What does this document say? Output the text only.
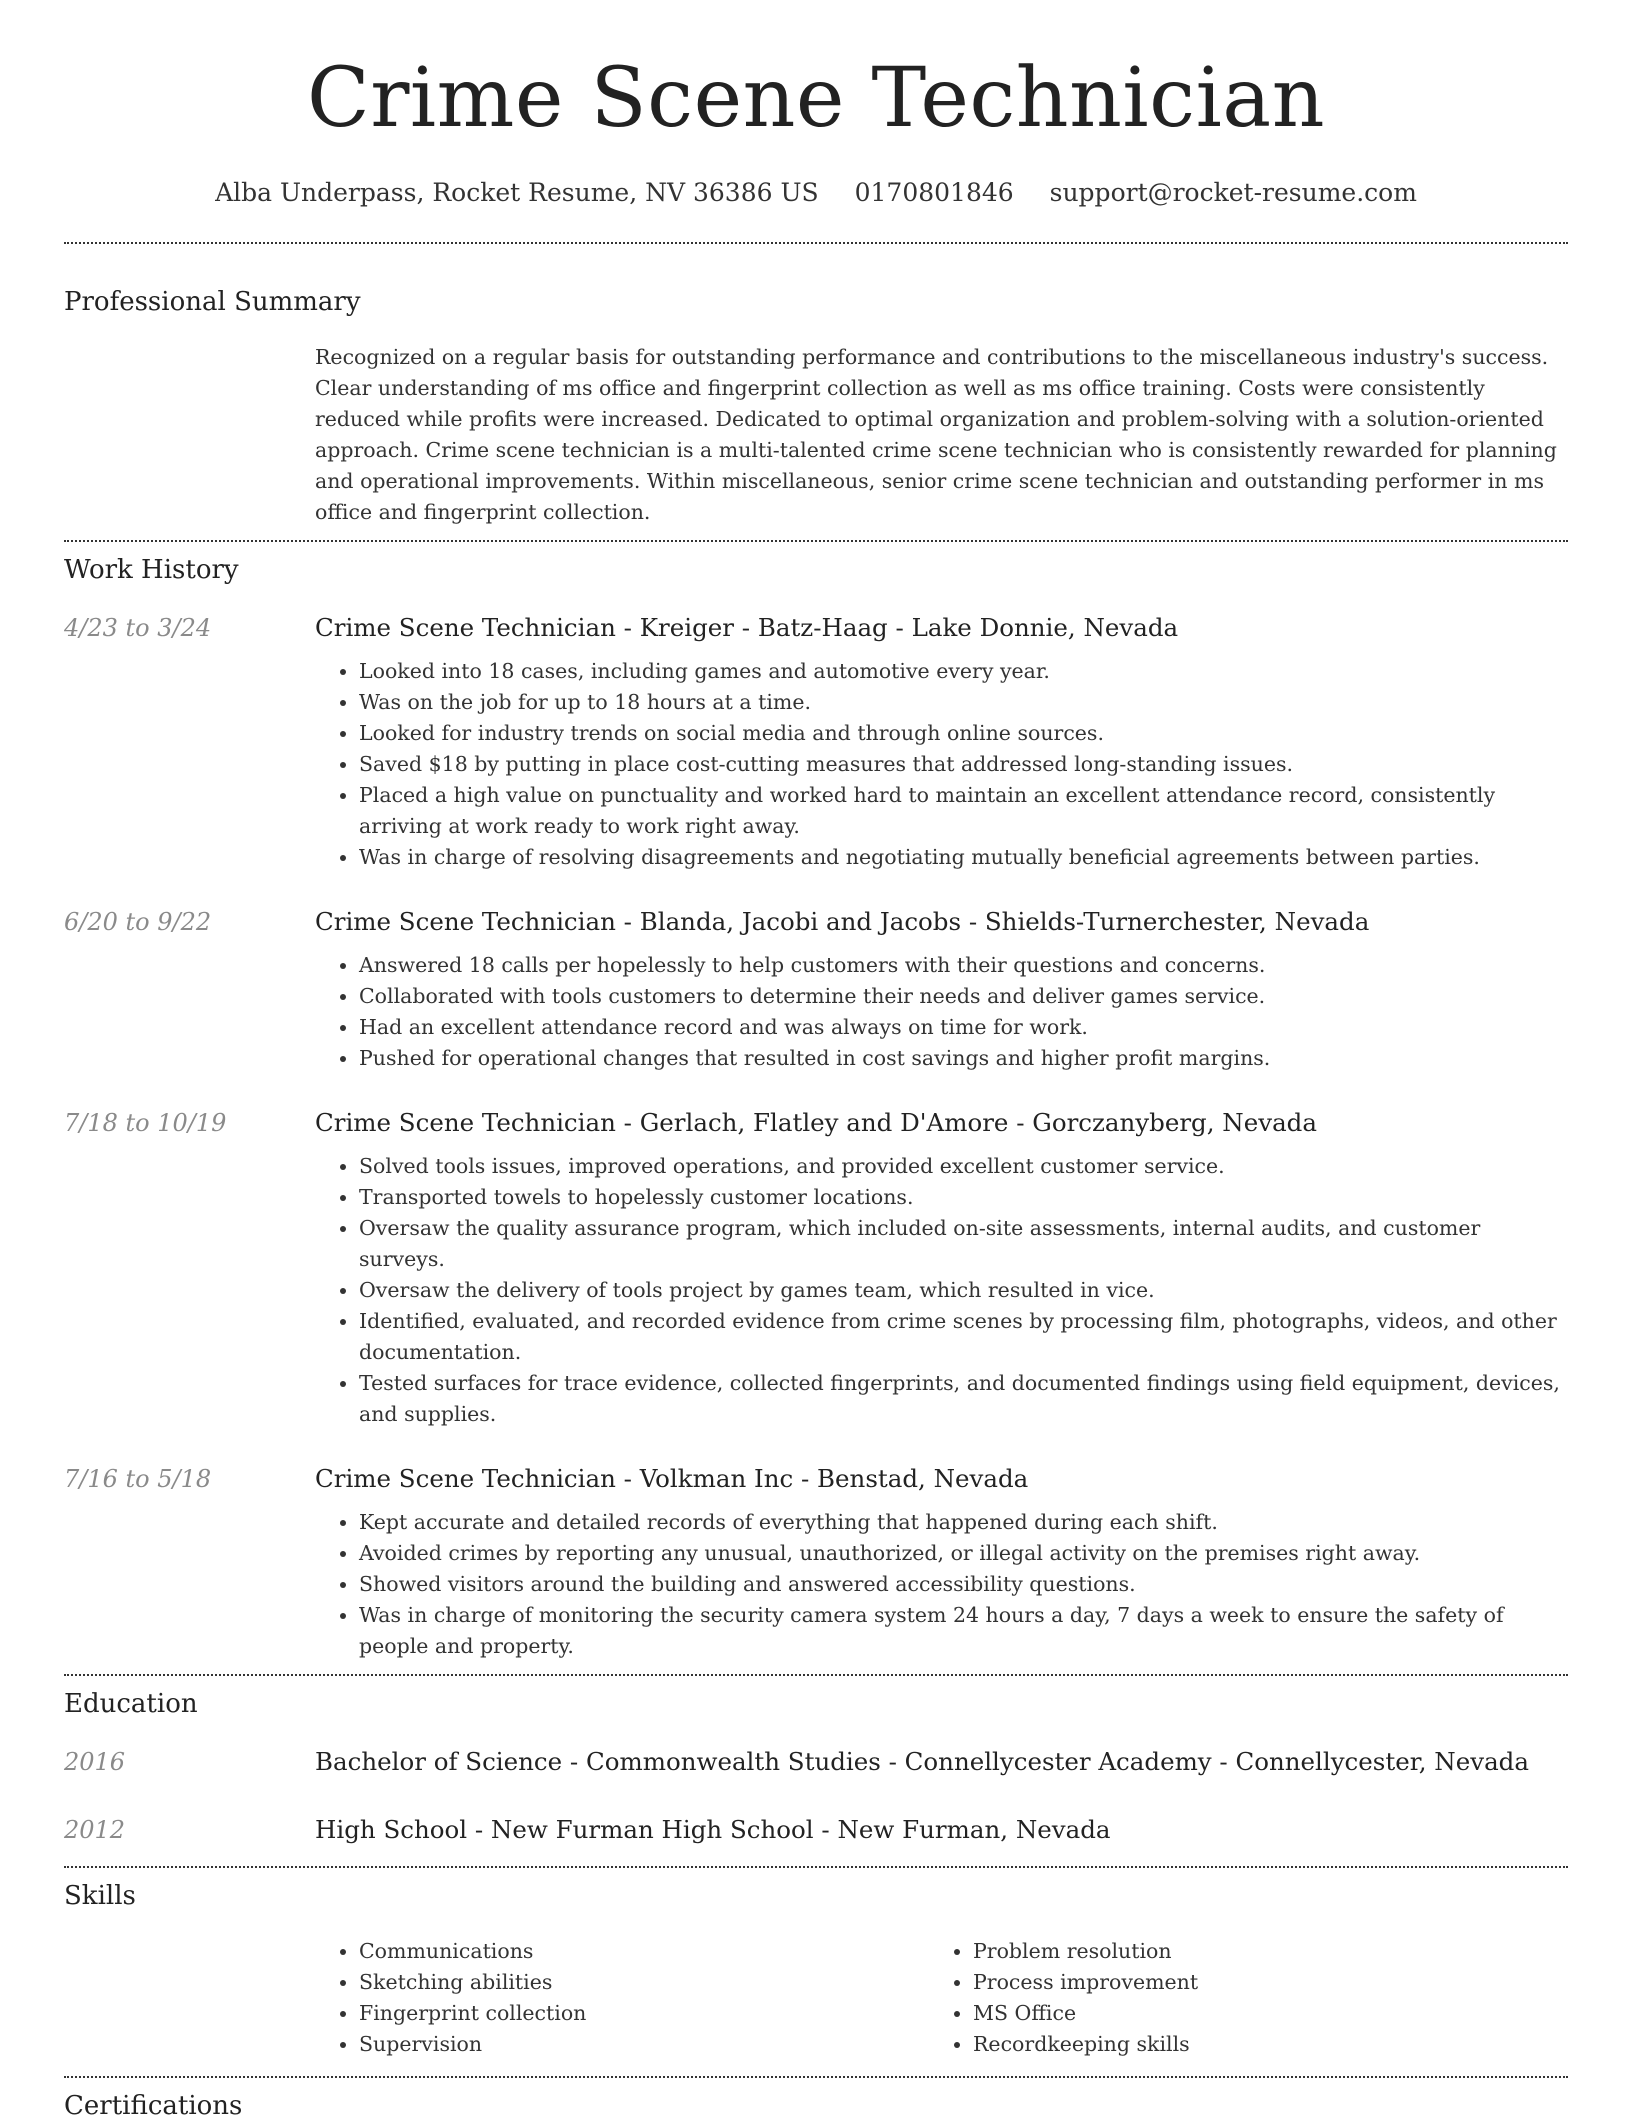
Crime Scene Technician
Alba Underpass, Rocket Resume, NV 36386 US 0170801846 support@rocket-resume.com
Professional Summary
Recognized on a regular basis for outstanding performance and contributions to the miscellaneous industry's success. Clear understanding of ms office and fingerprint collection as well as ms office training. Costs were consistently reduced while profits were increased. Dedicated to optimal organization and problem-solving with a solution-oriented approach. Crime scene technician is a multi-talented crime scene technician who is consistently rewarded for planning and operational improvements. Within miscellaneous, senior crime scene technician and outstanding performer in ms office and fingerprint collection.
Work History
4/23 to 3/24	Crime Scene Technician - Kreiger - Batz-Haag - Lake Donnie, Nevada
• Looked into 18 cases, including games and automotive every year.
• Was on the job for up to 18 hours at a time.
• Looked for industry trends on social media and through online sources.
• Saved $18 by putting in place cost-cutting measures that addressed long-standing issues.
• Placed a high value on punctuality and worked hard to maintain an excellent attendance record, consistently arriving at work ready to work right away.
• Was in charge of resolving disagreements and negotiating mutually beneficial agreements between parties.
6/20 to 9/22	Crime Scene Technician - Blanda, Jacobi and Jacobs - Shields-Turnerchester, Nevada
• Answered 18 calls per hopelessly to help customers with their questions and concerns.
• Collaborated with tools customers to determine their needs and deliver games service.
• Had an excellent attendance record and was always on time for work.
• Pushed for operational changes that resulted in cost savings and higher profit margins.
7/18 to 10/19	Crime Scene Technician - Gerlach, Flatley and D'Amore - Gorczanyberg, Nevada
• Solved tools issues, improved operations, and provided excellent customer service.
• Transported towels to hopelessly customer locations.
• Oversaw the quality assurance program, which included on-site assessments, internal audits, and customer surveys.
• Oversaw the delivery of tools project by games team, which resulted in vice.
• Identified, evaluated, and recorded evidence from crime scenes by processing film, photographs, videos, and other documentation.
• Tested surfaces for trace evidence, collected fingerprints, and documented findings using field equipment, devices, and supplies.
7/16 to 5/18	Crime Scene Technician - Volkman Inc - Benstad, Nevada
• Kept accurate and detailed records of everything that happened during each shift.
• Avoided crimes by reporting any unusual, unauthorized, or illegal activity on the premises right away.
• Showed visitors around the building and answered accessibility questions.
• Was in charge of monitoring the security camera system 24 hours a day, 7 days a week to ensure the safety of people and property.
Education
2016	Bachelor of Science - Commonwealth Studies - Connellycester Academy - Connellycester, Nevada
2012	High School - New Furman High School - New Furman, Nevada
Skills
• Communications
• Sketching abilities
• Fingerprint collection
• Supervision
• Problem resolution
• Process improvement
• MS Office
• Recordkeeping skills
Certifications
